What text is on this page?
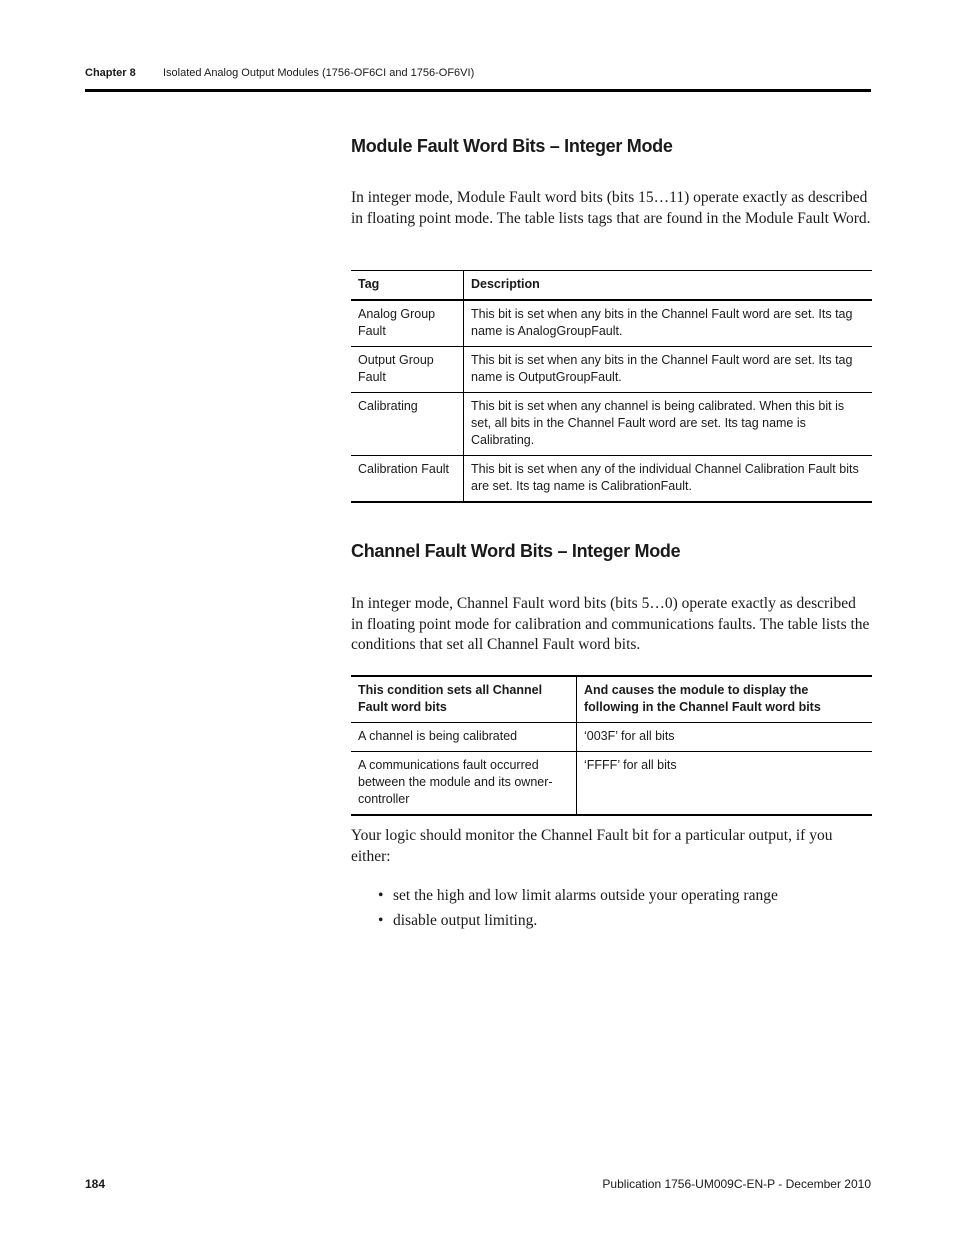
Chapter 8 Isolated Analog Output Modules (1756-OF6CI and 1756-OF6VI)
Module Fault Word Bits – Integer Mode

In integer mode, Module Fault word bits (bits 15…11) operate exactly as described in floating point mode. The table lists tags that are found in the Module Fault Word.

Tag	Description
Analog Group Fault	This bit is set when any bits in the Channel Fault word are set. Its tag name is AnalogGroupFault.
Output Group Fault	This bit is set when any bits in the Channel Fault word are set. Its tag name is OutputGroupFault.
Calibrating	This bit is set when any channel is being calibrated. When this bit is set, all bits in the Channel Fault word are set. Its tag name is Calibrating.
Calibration Fault	This bit is set when any of the individual Channel Calibration Fault bits are set. Its tag name is CalibrationFault.
Channel Fault Word Bits – Integer Mode

In integer mode, Channel Fault word bits (bits 5…0) operate exactly as described in floating point mode for calibration and communications faults. The table lists the conditions that set all Channel Fault word bits.

This condition sets all Channel Fault word bits	And causes the module to display the following in the Channel Fault word bits
A channel is being calibrated	‘003F’ for all bits
A communications fault occurred between the module and its owner-controller	‘FFFF’ for all bits

Your logic should monitor the Channel Fault bit for a particular output, if you either:

• set the high and low limit alarms outside your operating range
• disable output limiting.
184	Publication 1756-UM009C-EN-P - December 2010
